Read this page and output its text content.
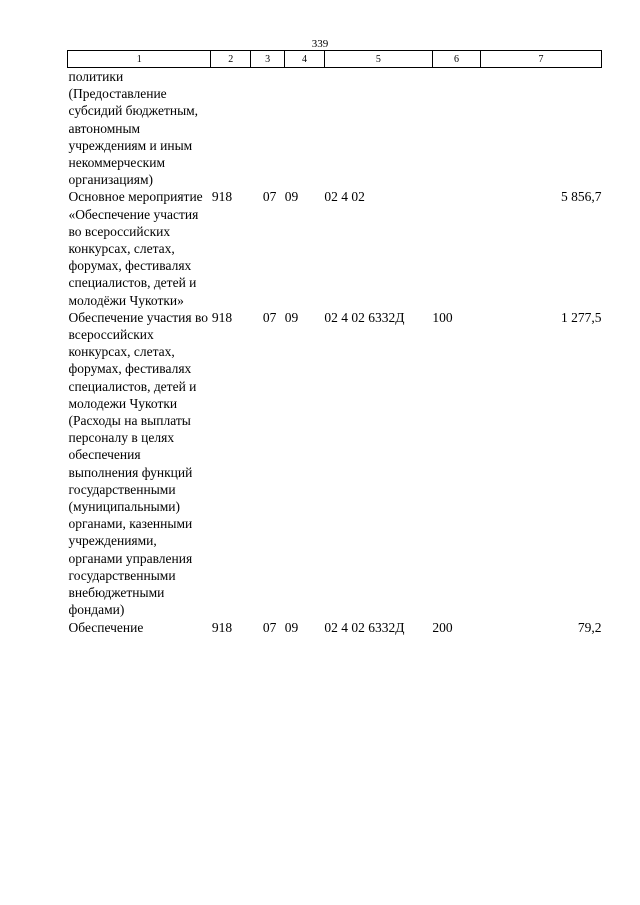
339
1	2	3	4	5	6	7

политики (Предоставление субсидий бюджетным, автономным учреждениям и иным некоммерческим организациям)						

Основное мероприятие «Обеспечение участия во всероссийских конкурсах, слетах, форумах, фестивалях специалистов, детей и молодёжи Чукотки»	918	07	09	02 4 02		5 856,7

Обеспечение участия во всероссийских конкурсах, слетах, форумах, фестивалях специалистов, детей и молодежи Чукотки (Расходы на выплаты персоналу в целях обеспечения выполнения функций государственными (муниципальными) органами, казенными учреждениями, органами управления государственными внебюджетными фондами)	918	07	09	02 4 02 6332Д	100	1 277,5

Обеспечение	918	07	09	02 4 02 6332Д	200	79,2
